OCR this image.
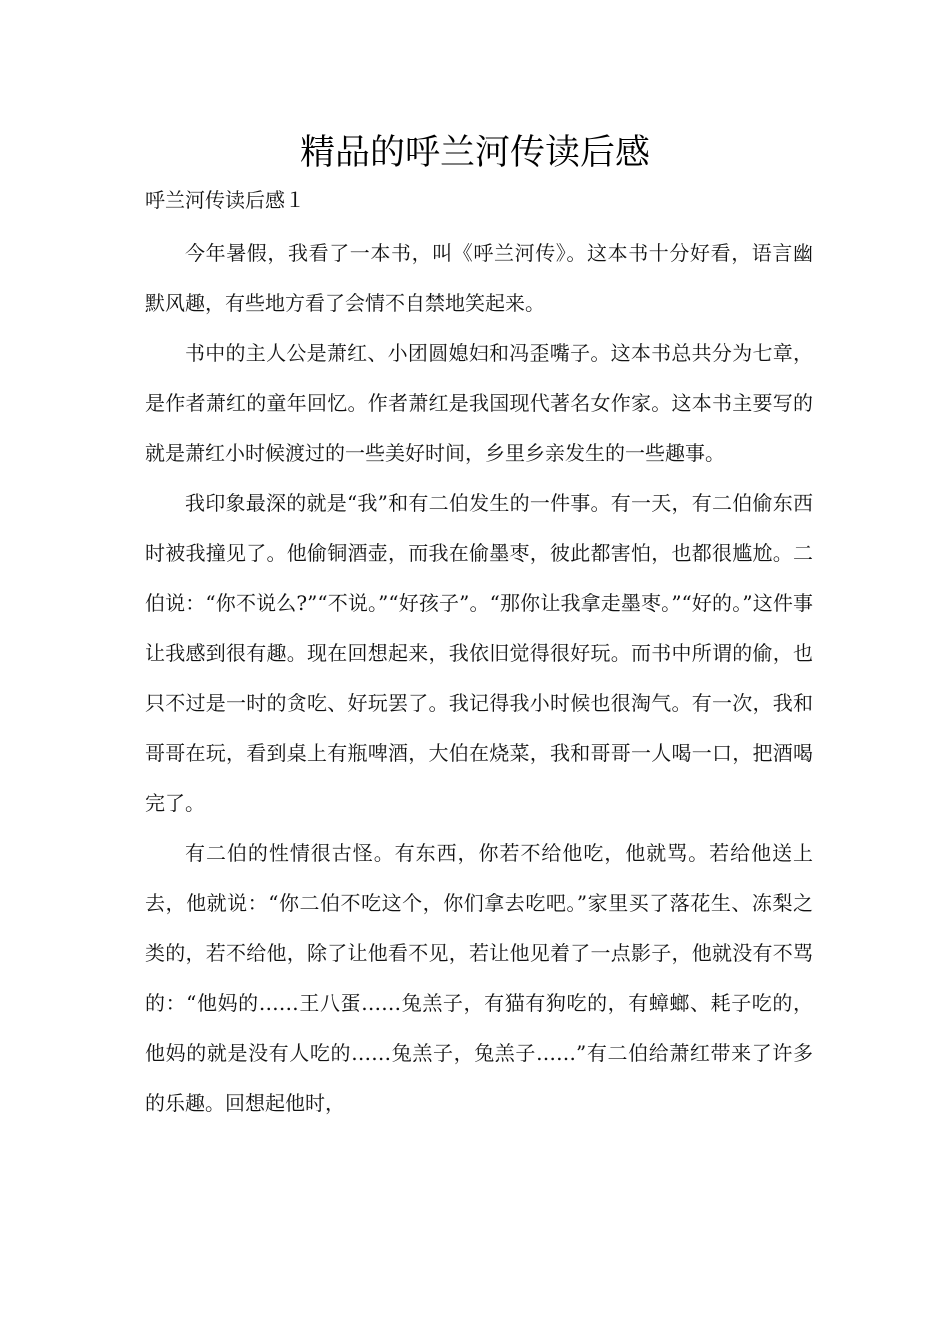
精品的呼兰河传读后感

呼兰河传读后感１

今年暑假，我看了一本书，叫《呼兰河传》。这本书十分好看，语言幽默风趣，有些地方看了会情不自禁地笑起来。

书中的主人公是萧红、小团圆媳妇和冯歪嘴子。这本书总共分为七章，是作者萧红的童年回忆。作者萧红是我国现代著名女作家。这本书主要写的就是萧红小时候渡过的一些美好时间，乡里乡亲发生的一些趣事。

我印象最深的就是“我”和有二伯发生的一件事。有一天，有二伯偷东西时被我撞见了。他偷铜酒壶，而我在偷墨枣，彼此都害怕，也都很尴尬。二伯说：“你不说么?”“不说。”“好孩子”。“那你让我拿走墨枣。”“好的。”这件事让我感到很有趣。现在回想起来，我依旧觉得很好玩。而书中所谓的偷，也只不过是一时的贪吃、好玩罢了。我记得我小时候也很淘气。有一次，我和哥哥在玩，看到桌上有瓶啤酒，大伯在烧菜，我和哥哥一人喝一口，把酒喝完了。

有二伯的性情很古怪。有东西，你若不给他吃，他就骂。若给他送上去，他就说：“你二伯不吃这个，你们拿去吃吧。”家里买了落花生、冻梨之类的，若不给他，除了让他看不见，若让他见着了一点影子，他就没有不骂的：“他妈的……王八蛋……兔羔子，有猫有狗吃的，有蟑螂、耗子吃的，他妈的就是没有人吃的……兔羔子，兔羔子……”有二伯给萧红带来了许多的乐趣。回想起他时，
